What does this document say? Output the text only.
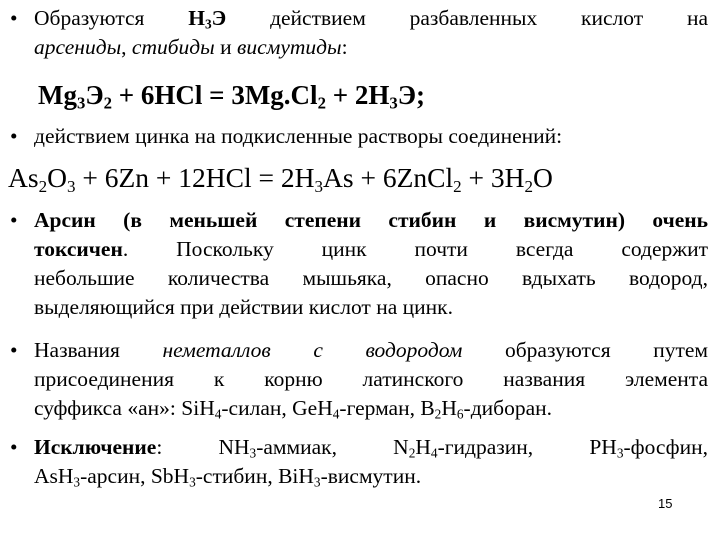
• Образуются $H_3Э$ действием разбавленных кислот на
арсениды, стибиды и висмутиды:
$Mg_3Э_2 + 6HCl = 3Mg.Cl_2 + 2H_3Э$;
• действием цинка на подкисленные растворы соединений:
$As_2O_3 + 6Zn + 12HCl = 2H_3As$ + 6ZnCl$_2$ + $3H_2O$
• Арсин (в меньшей степени стибин и висмутин) очень
токсичен. Поскольку цинк почти всегда содержит
небольшие количества мышьяка, опасно вдыхать водород,
выделяющийся при действии кислот на цинк.
• Названия неметаллов с водородом образуются путем
присоединения к корню латинского названия элемента
суффикса «ан»: SiH$_4$-силан, GeH$_4$-герман, $B_2H_6$-диборан.
• Исключение: $NH_3$-аммиак, $N_2H_4$-гидразин, $PH_3$-фосфин,
AsH$_3$-арсин, SbH$_3$-стибин, BiH$_3$-висмутин.
15
